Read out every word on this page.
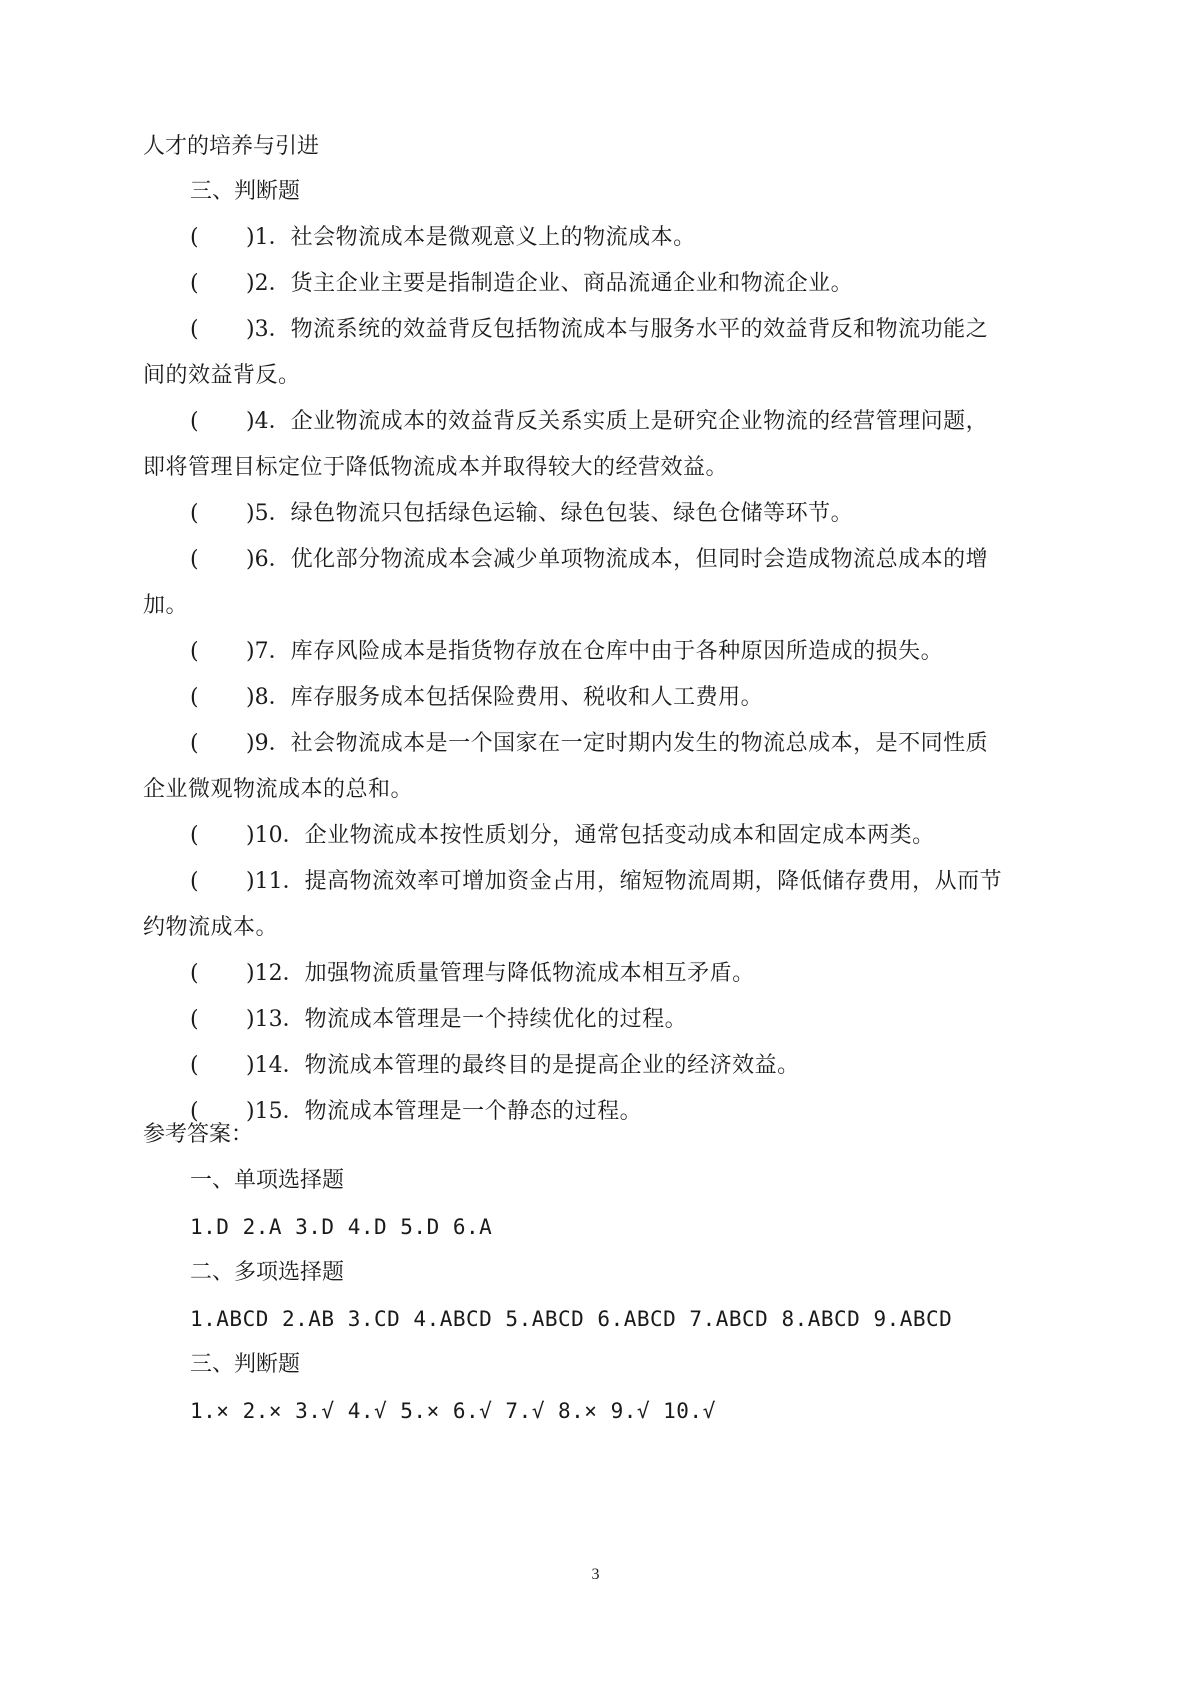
人才的培养与引进
三、判断题
(	)1． 社会物流成本是微观意义上的物流成本。
(	)2． 货主企业主要是指制造企业、商品流通企业和物流企业。
(	)3． 物流系统的效益背反包括物流成本与服务水平的效益背反和物流功能之
间的效益背反。
(	)4． 企业物流成本的效益背反关系实质上是研究企业物流的经营管理问题，
即将管理目标定位于降低物流成本并取得较大的经营效益。
(	)5． 绿色物流只包括绿色运输、绿色包装、绿色仓储等环节。
(	)6． 优化部分物流成本会减少单项物流成本，但同时会造成物流总成本的增
加。
(	)7． 库存风险成本是指货物存放在仓库中由于各种原因所造成的损失。
(	)8． 库存服务成本包括保险费用、税收和人工费用。
(	)9． 社会物流成本是一个国家在一定时期内发生的物流总成本，是不同性质
企业微观物流成本的总和。
(	)10． 企业物流成本按性质划分，通常包括变动成本和固定成本两类。
(	)11． 提高物流效率可增加资金占用，缩短物流周期，降低储存费用，从而节
约物流成本。
(	)12． 加强物流质量管理与降低物流成本相互矛盾。
(	)13． 物流成本管理是一个持续优化的过程。
(	)14． 物流成本管理的最终目的是提高企业的经济效益。
(	)15． 物流成本管理是一个静态的过程。
参考答案：
一、单项选择题
1.D 2.A 3.D 4.D 5.D 6.A
二、多项选择题
1.ABCD 2.AB 3.CD 4.ABCD 5.ABCD 6.ABCD 7.ABCD 8.ABCD 9.ABCD
三、判断题
1.× 2.× 3.√ 4.√ 5.× 6.√ 7.√ 8.× 9.√ 10.√
3
